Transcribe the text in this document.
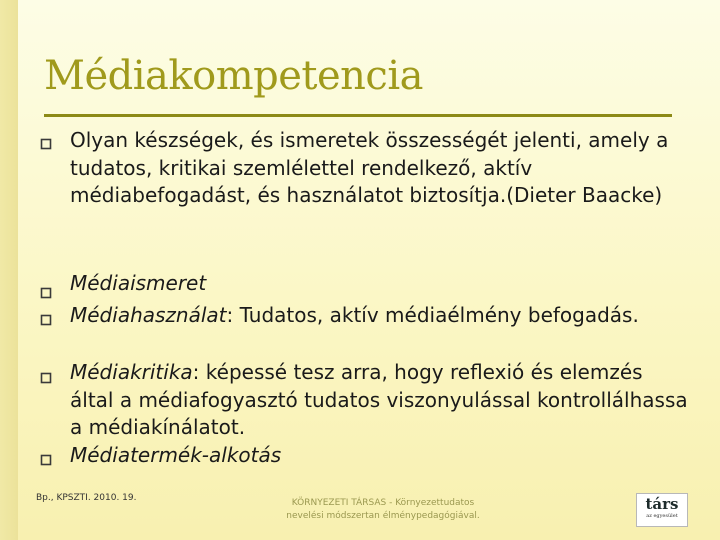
Médiakompetencia
Olyan készségek, és ismeretek összességét jelenti, amely a tudatos, kritikai szemlélettel rendelkező, aktív médiabefogadást, és használatot biztosítja.(Dieter Baacke)
Médiaismeret
Médiahasználat: Tudatos, aktív médiaélmény befogadás.
Médiakritika: képessé tesz arra, hogy reflexió és elemzés által a médiafogyasztó tudatos viszonyulással kontrollálhassa a médiakínálatot.
Médiatermék-alkotás
Bp., KPSZTI. 2010. 19.	KÖRNYEZETI TÁRSAS - Környezettudatos
nevelési módszertan élménypedagógiával.
társ
az egyesület
